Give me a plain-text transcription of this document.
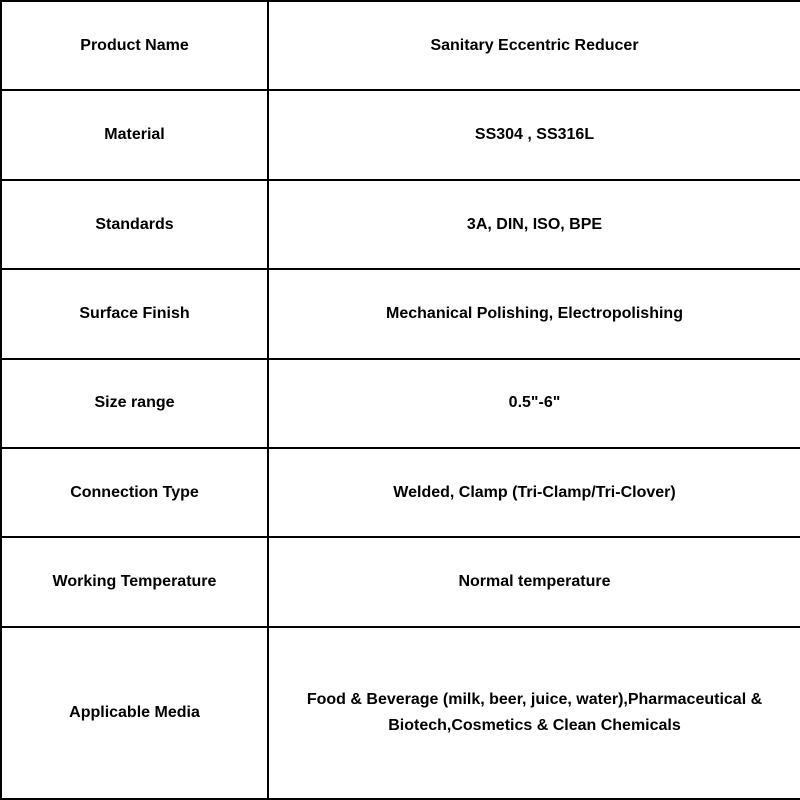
Product Name	Sanitary Eccentric Reducer
Material	SS304 , SS316L
Standards	3A, DIN, ISO, BPE
Surface Finish	Mechanical Polishing, Electropolishing
Size range	0.5"-6"
Connection Type	Welded, Clamp (Tri-Clamp/Tri-Clover)
Working Temperature	Normal temperature
Applicable Media	Food & Beverage (milk, beer, juice, water),Pharmaceutical & Biotech,Cosmetics & Clean Chemicals
